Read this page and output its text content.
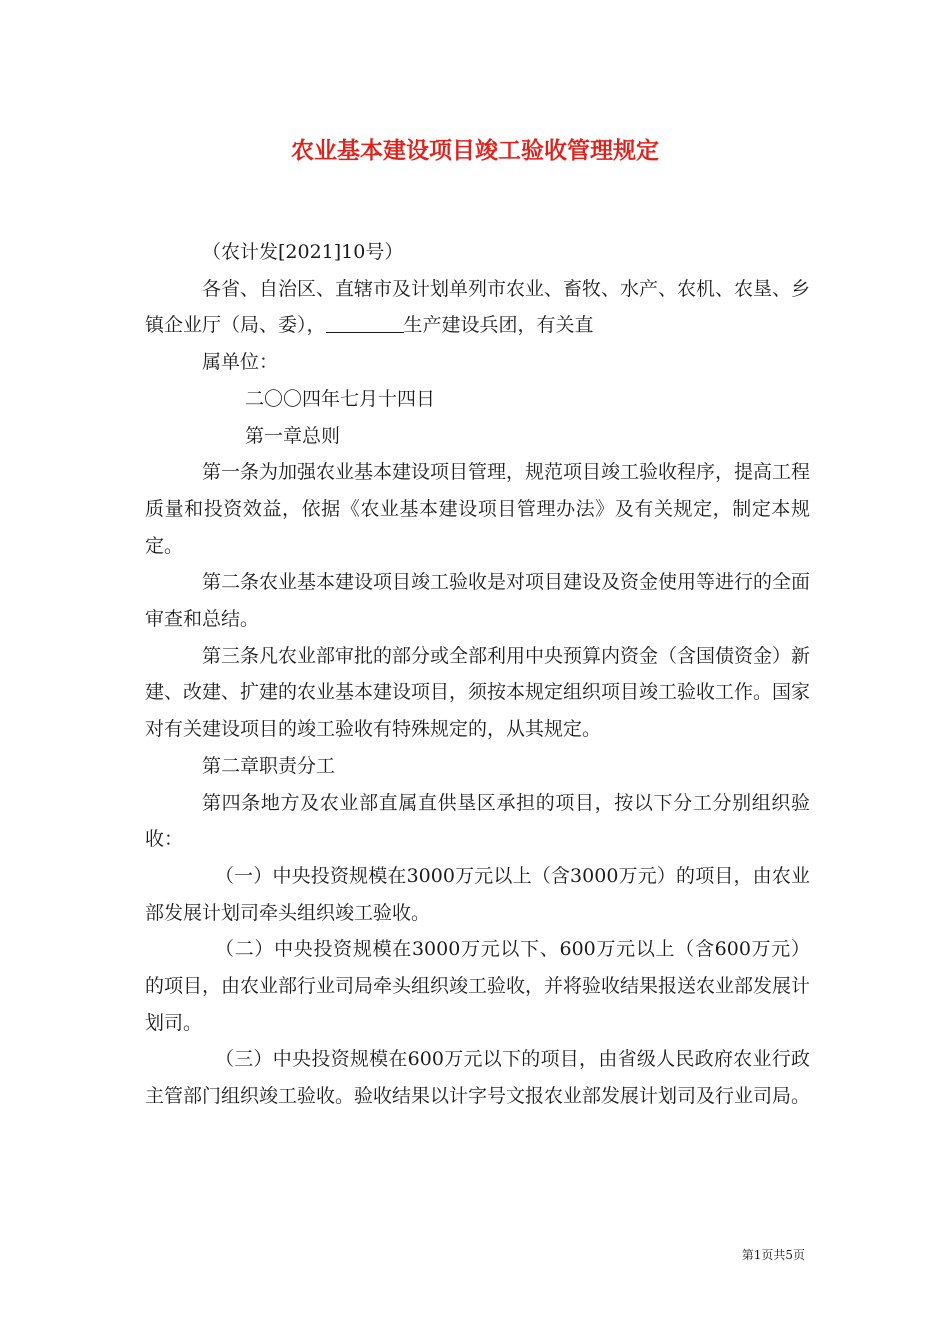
农业基本建设项目竣工验收管理规定

（农计发[2021]10号）

各省、自治区、直辖市及计划单列市农业、畜牧、水产、农机、农垦、乡镇企业厅（局、委），	生产建设兵团，有关直

属单位：

二〇〇四年七月十四日

第一章总则

第一条为加强农业基本建设项目管理，规范项目竣工验收程序，提高工程质量和投资效益，依据《农业基本建设项目管理办法》及有关规定，制定本规定。

第二条农业基本建设项目竣工验收是对项目建设及资金使用等进行的全面审查和总结。

第三条凡农业部审批的部分或全部利用中央预算内资金（含国债资金）新建、改建、扩建的农业基本建设项目，须按本规定组织项目竣工验收工作。国家对有关建设项目的竣工验收有特殊规定的，从其规定。

第二章职责分工

第四条地方及农业部直属直供垦区承担的项目，按以下分工分别组织验收：

（一）中央投资规模在3000万元以上（含3000万元）的项目，由农业部发展计划司牵头组织竣工验收。

（二）中央投资规模在3000万元以下、600万元以上（含600万元）的项目，由农业部行业司局牵头组织竣工验收，并将验收结果报送农业部发展计划司。

（三）中央投资规模在600万元以下的项目，由省级人民政府农业行政主管部门组织竣工验收。验收结果以计字号文报农业部发展计划司及行业司局。

第1页共5页
